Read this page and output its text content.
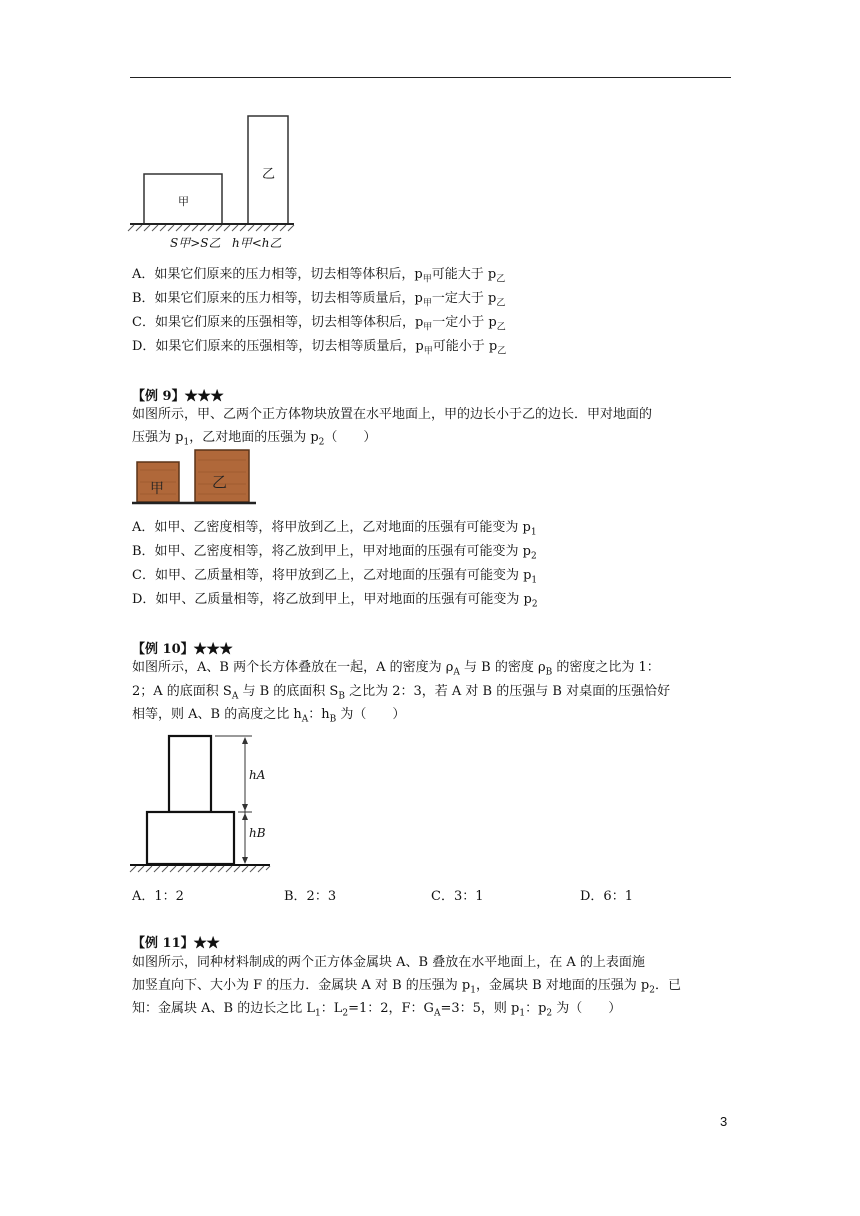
甲
乙
S甲>S乙 h甲<h乙
A．如果它们原来的压力相等，切去相等体积后，$p_甲$可能大于 $p_乙$
B．如果它们原来的压力相等，切去相等质量后，$p_甲$一定大于 $p_乙$
C．如果它们原来的压强相等，切去相等体积后，$p_甲$一定小于 $p_乙$
D．如果它们原来的压强相等，切去相等质量后，$p_甲$可能小于 $p_乙$
【例 9】★★★
如图所示，甲、乙两个正方体物块放置在水平地面上，甲的边长小于乙的边长．甲对地面的
压强为 $p_1$，乙对地面的压强为 $p_2$（　　）
甲	乙
A．如甲、乙密度相等，将甲放到乙上，乙对地面的压强有可能变为 $p_1$
B．如甲、乙密度相等，将乙放到甲上，甲对地面的压强有可能变为 $p_2$
C．如甲、乙质量相等，将甲放到乙上，乙对地面的压强有可能变为 $p_1$
D．如甲、乙质量相等，将乙放到甲上，甲对地面的压强有可能变为 $p_2$
【例 10】★★★
如图所示，A、B 两个长方体叠放在一起，A 的密度为 $\rho_A$ 与 B 的密度 $\rho_B$ 的密度之比为 1：
2；A 的底面积 $S_A$ 与 B 的底面积 $S_B$ 之比为 2：3，若 A 对 B 的压强与 B 对桌面的压强恰好
相等，则 A、B 的高度之比 $h_A$：$h_B$ 为（　　）
hA
hB
A．1：2	B．2：3	C．3：1	D．6：1
【例 11】★★
如图所示，同种材料制成的两个正方体金属块 A、B 叠放在水平地面上，在 A 的上表面施
加竖直向下、大小为 F 的压力．金属块 A 对 B 的压强为 $p_1$，金属块 B 对地面的压强为 $p_2$．已
知：金属块 A、B 的边长之比 $L_1$：$L_2=1$：2，F：$G_A=3$：5，则 $p_1$：$p_2$ 为（　　）
3
